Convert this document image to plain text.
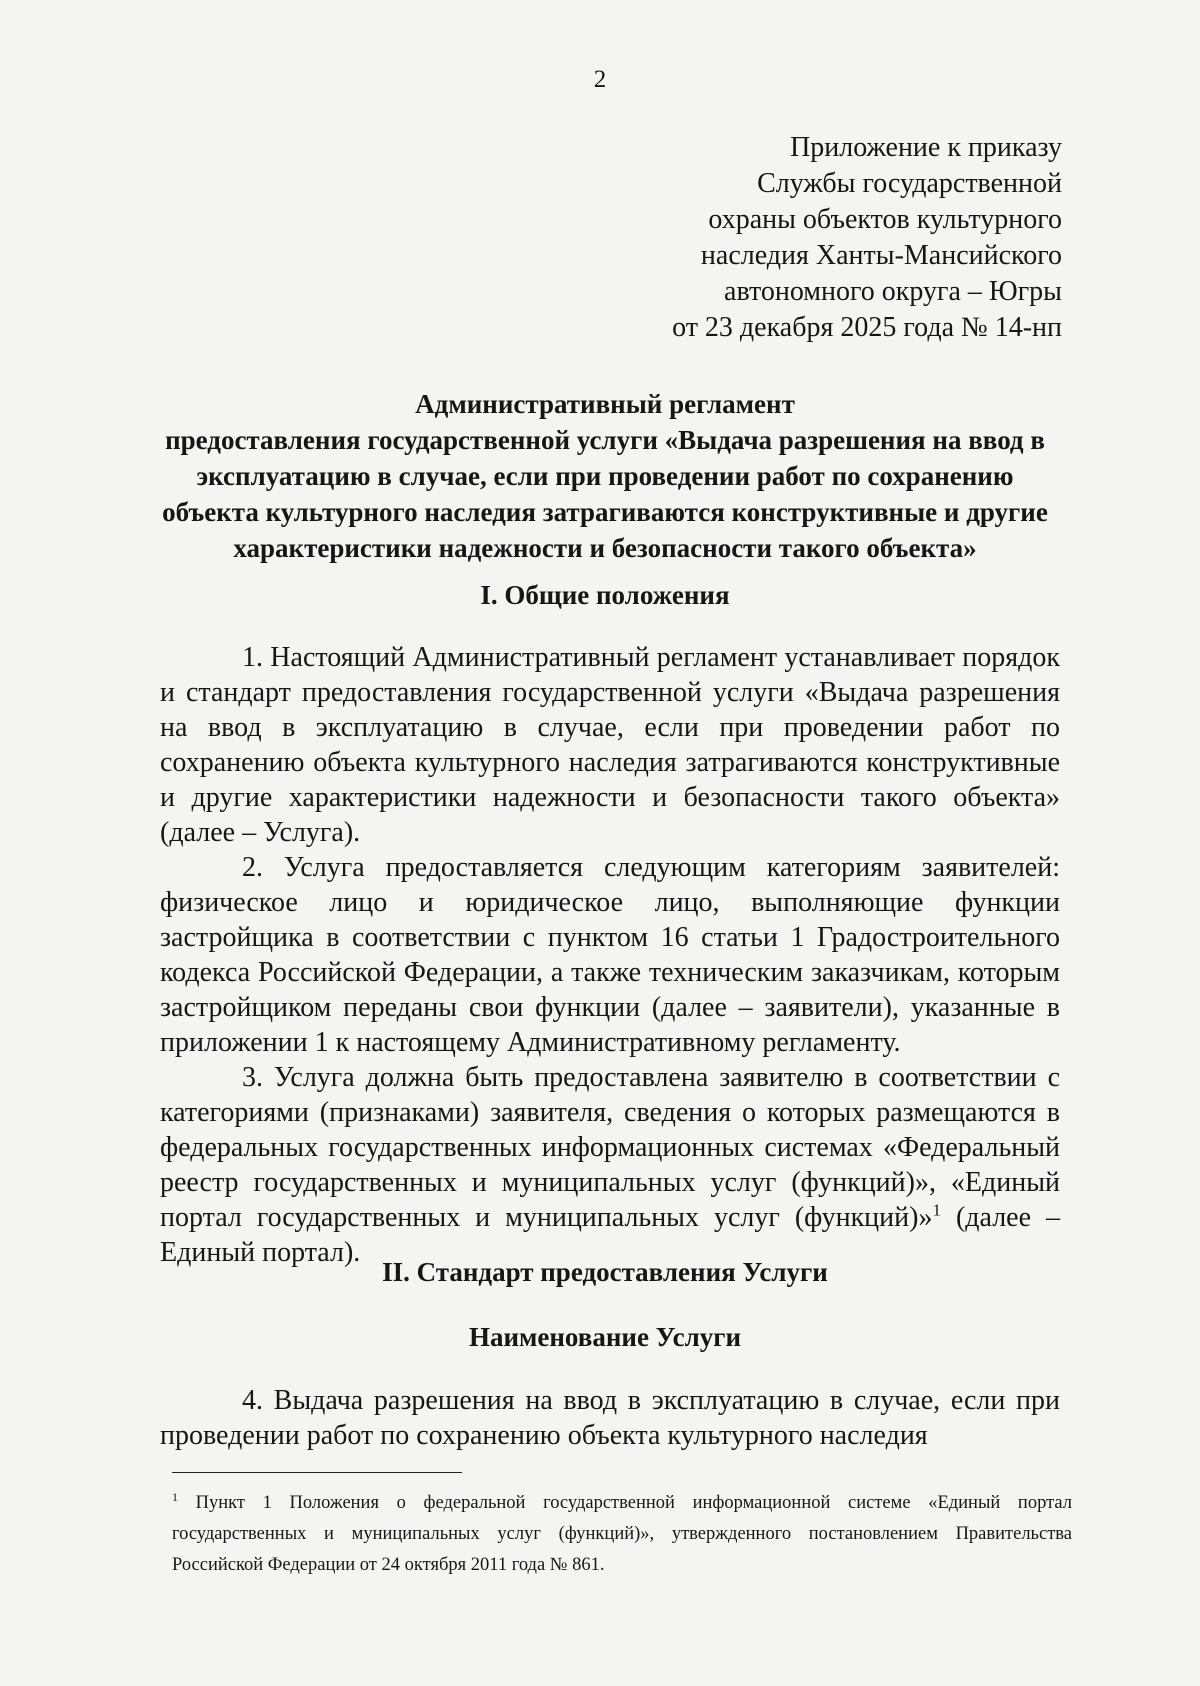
2
Приложение к приказу
Службы государственной
охраны объектов культурного
наследия Ханты-Мансийского
автономного округа – Югры
от 23 декабря 2025 года № 14-нп
Административный регламент
предоставления государственной услуги «Выдача разрешения на ввод в эксплуатацию в случае, если при проведении работ по сохранению объекта культурного наследия затрагиваются конструктивные и другие характеристики надежности и безопасности такого объекта»
I. Общие положения

1. Настоящий Административный регламент устанавливает порядок и стандарт предоставления государственной услуги «Выдача разрешения на ввод в эксплуатацию в случае, если при проведении работ по сохранению объекта культурного наследия затрагиваются конструктивные и другие характеристики надежности и безопасности такого объекта» (далее – Услуга).

2. Услуга предоставляется следующим категориям заявителей: физическое лицо и юридическое лицо, выполняющие функции застройщика в соответствии с пунктом 16 статьи 1 Градостроительного кодекса Российской Федерации, а также техническим заказчикам, которым застройщиком переданы свои функции (далее – заявители), указанные в приложении 1 к настоящему Административному регламенту.

3. Услуга должна быть предоставлена заявителю в соответствии с категориями (признаками) заявителя, сведения о которых размещаются в федеральных государственных информационных системах «Федеральный реестр государственных и муниципальных услуг (функций)», «Единый портал государственных и муниципальных услуг (функций)»$^1$ (далее – Единый портал).

II. Стандарт предоставления Услуги
Наименование Услуги

4. Выдача разрешения на ввод в эксплуатацию в случае, если при проведении работ по сохранению объекта культурного наследия

$^1$ Пункт 1 Положения о федеральной государственной информационной системе «Единый портал государственных и муниципальных услуг (функций)», утвержденного постановлением Правительства Российской Федерации от 24 октября 2011 года № 861.
